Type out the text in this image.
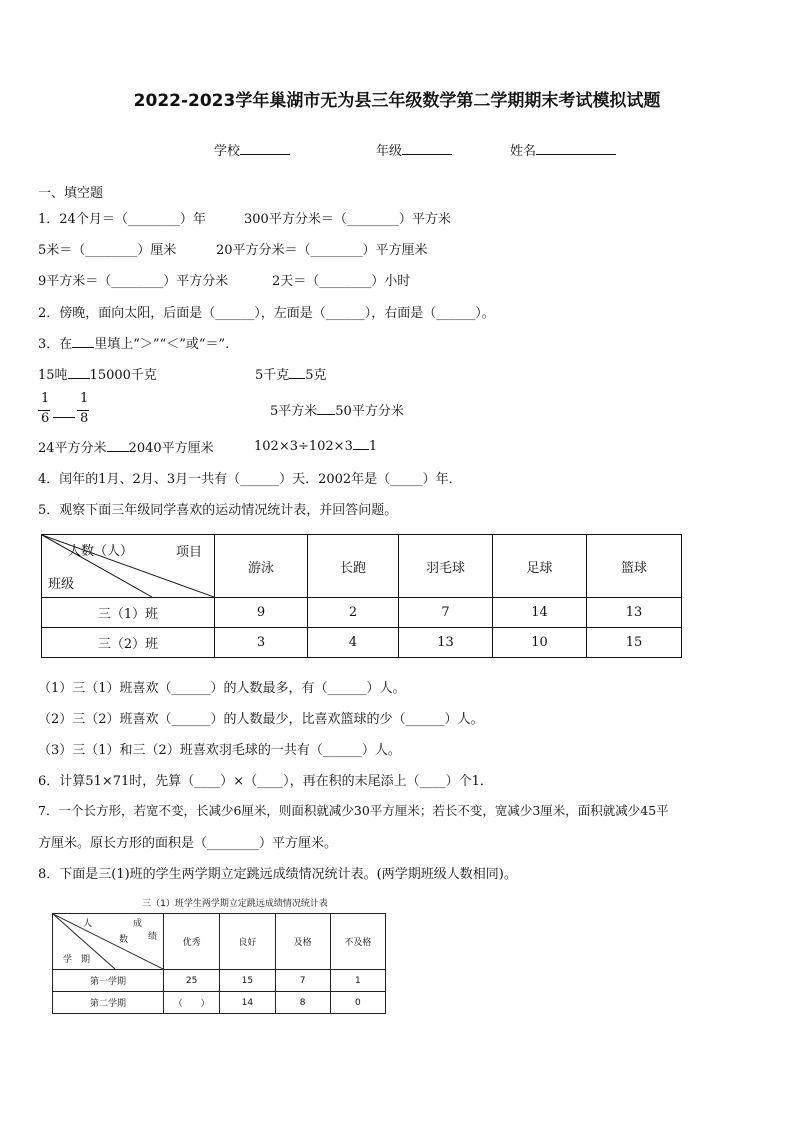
2022-2023学年巢湖市无为县三年级数学第二学期期末考试模拟试题
学校	年级	姓名
一、填空题
1．24个月＝（________）年	300平方分米＝（________）平方米
5米＝（________）厘米	20平方分米＝（________）平方厘米
9平方米＝（________）平方分米	2天＝（________）小时
2．傍晚，面向太阳，后面是（______），左面是（______），右面是（______）。
3．在 里填上“＞”“＜”或“＝”.
15吨 15000千克	5千克 5克
1
6
1
8	5平方米 50平方分米
24平方分米 2040平方厘米	102×3÷102×3 1
4．闰年的1月、2月、3月一共有（______）天．2002年是（_____）年．
5．观察下面三年级同学喜欢的运动情况统计表，并回答问题。
人数（人） 项目
班级	游泳	长跑	羽毛球	足球	篮球
三（1）班	9	2	7	14	13
三（2）班	3	4	13	10	15
（1）三（1）班喜欢（______）的人数最多，有（______）人。
（2）三（2）班喜欢（______）的人数最少，比喜欢篮球的少（______）人。
（3）三（1）和三（2）班喜欢羽毛球的一共有（______）人。
6．计算51×71时，先算（____）×（____），再在积的末尾添上（____）个1．
7．一个长方形，若宽不变，长减少6厘米，则面积就减少30平方厘米；若长不变，宽减少3厘米，面积就减少45平
方厘米。原长方形的面积是（________）平方厘米。
8．下面是三(1)班的学生两学期立定跳远成绩情况统计表。(两学期班级人数相同)。
三（1）班学生两学期立定跳远成绩情况统计表
人 成
数 绩
学　期	优秀	良好	及格	不及格
第一学期	25	15	7	1
第二学期	（　　）	14	8	0
